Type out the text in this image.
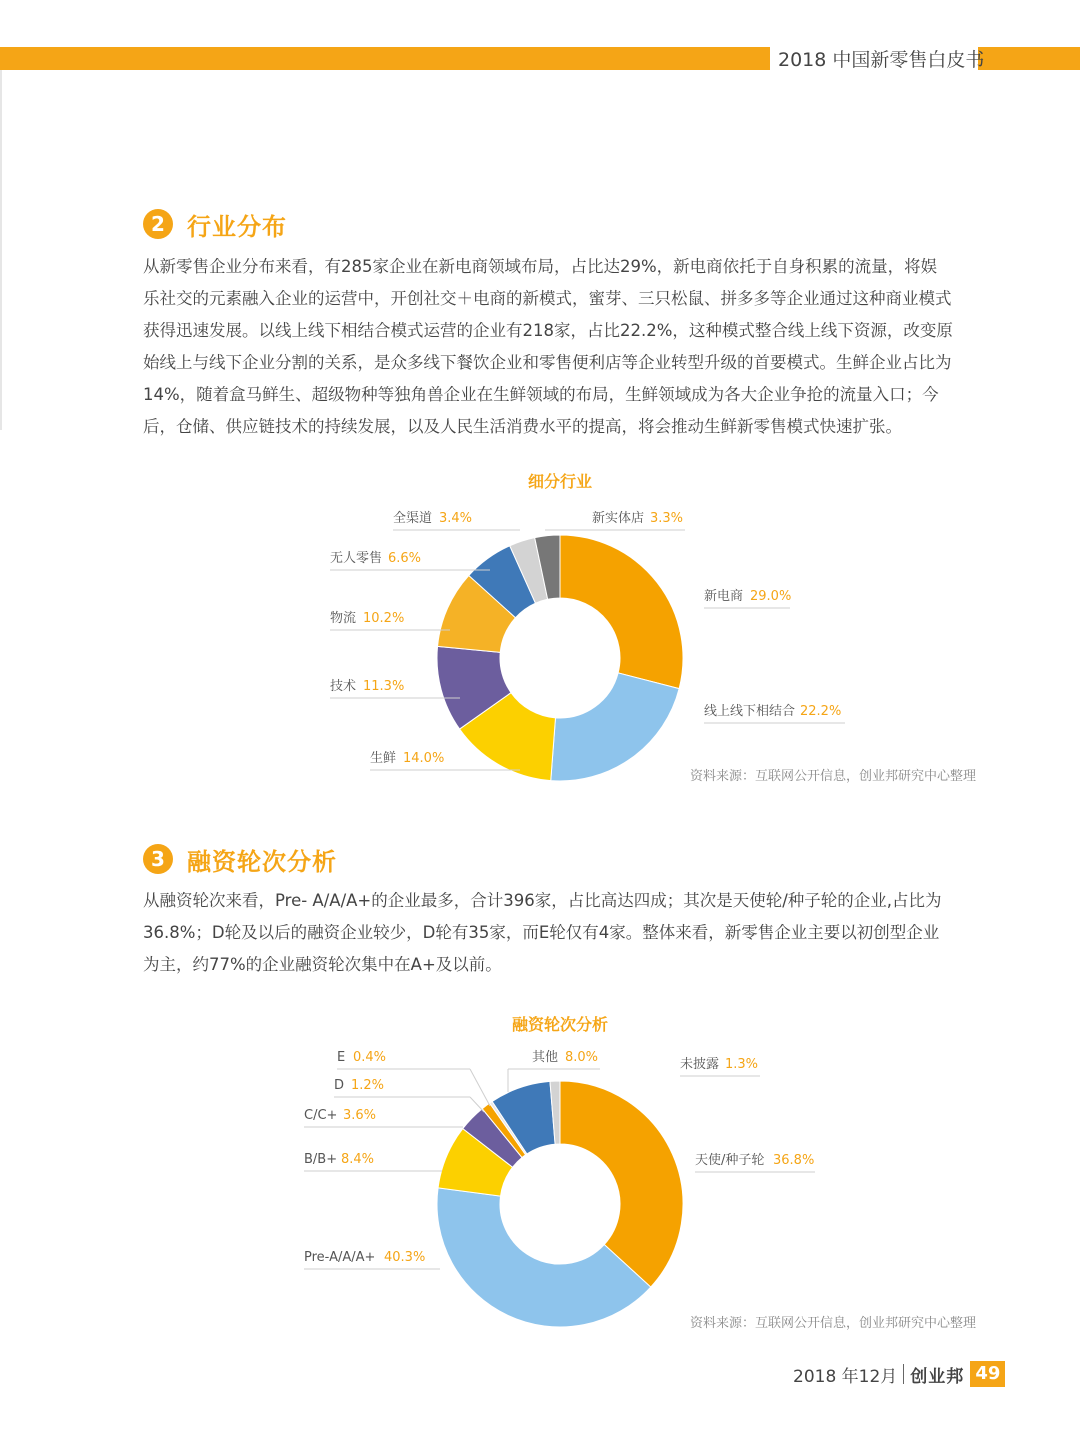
2018 中国新零售白皮书
2 行业分布
从新零售企业分布来看，有285家企业在新电商领域布局，占比达29%，新电商依托于自身积累的流量，将娱
乐社交的元素融入企业的运营中，开创社交＋电商的新模式，蜜芽、三只松鼠、拼多多等企业通过这种商业模式
获得迅速发展。以线上线下相结合模式运营的企业有218家，占比22.2%，这种模式整合线上线下资源，改变原
始线上与线下企业分割的关系，是众多线下餐饮企业和零售便利店等企业转型升级的首要模式。生鲜企业占比为
14%，随着盒马鲜生、超级物种等独角兽企业在生鲜领域的布局，生鲜领域成为各大企业争抢的流量入口；今
后，仓储、供应链技术的持续发展，以及人民生活消费水平的提高，将会推动生鲜新零售模式快速扩张。
细分行业
新电商 29.0%
线上线下相结合 22.2%
生鲜 14.0%
技术 11.3%
物流 10.2%
无人零售 6.6%
全渠道 3.4%	新实体店 3.3%
资料来源：互联网公开信息，创业邦研究中心整理
3 融资轮次分析
从融资轮次来看，Pre- A/A/A+的企业最多，合计396家，占比高达四成；其次是天使轮/种子轮的企业,占比为
36.8%；D轮及以后的融资企业较少，D轮有35家，而E轮仅有4家。整体来看，新零售企业主要以初创型企业
为主，约77%的企业融资轮次集中在A+及以前。
融资轮次分析
天使/种子轮 36.8%
Pre-A/A/A+ 40.3%
B/B+ 8.4%
C/C+ 3.6%
D 1.2%
E 0.4%	其他 8.0%	未披露 1.3%
资料来源：互联网公开信息，创业邦研究中心整理
2018 年12月 创业邦 49
